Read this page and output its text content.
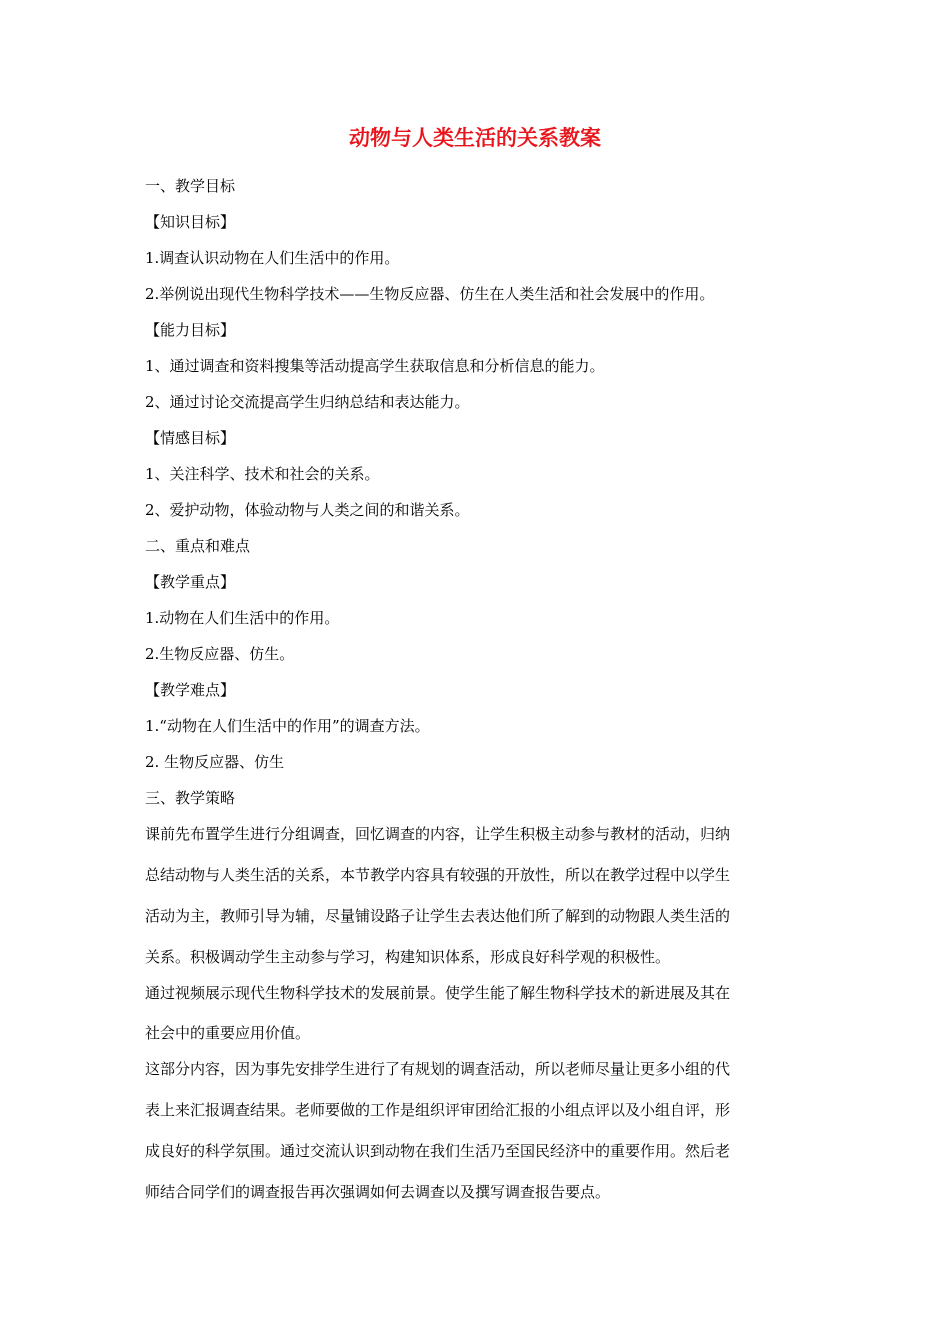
动物与人类生活的关系教案
一、教学目标
【知识目标】
1.调查认识动物在人们生活中的作用。
2.举例说出现代生物科学技术——生物反应器、仿生在人类生活和社会发展中的作用。
【能力目标】
1、通过调查和资料搜集等活动提高学生获取信息和分析信息的能力。
2、通过讨论交流提高学生归纳总结和表达能力。
【情感目标】
1、关注科学、技术和社会的关系。
2、爱护动物，体验动物与人类之间的和谐关系。
二、重点和难点
【教学重点】
1.动物在人们生活中的作用。
2.生物反应器、仿生。
【教学难点】
1.“动物在人们生活中的作用”的调查方法。
2. 生物反应器、仿生
三、教学策略
课前先布置学生进行分组调查，回忆调查的内容，让学生积极主动参与教材的活动，归纳
总结动物与人类生活的关系，本节教学内容具有较强的开放性，所以在教学过程中以学生
活动为主，教师引导为辅，尽量铺设路子让学生去表达他们所了解到的动物跟人类生活的
关系。积极调动学生主动参与学习，构建知识体系，形成良好科学观的积极性。
通过视频展示现代生物科学技术的发展前景。使学生能了解生物科学技术的新进展及其在
社会中的重要应用价值。
这部分内容，因为事先安排学生进行了有规划的调查活动，所以老师尽量让更多小组的代
表上来汇报调查结果。老师要做的工作是组织评审团给汇报的小组点评以及小组自评，形
成良好的科学氛围。通过交流认识到动物在我们生活乃至国民经济中的重要作用。然后老
师结合同学们的调查报告再次强调如何去调查以及撰写调查报告要点。
